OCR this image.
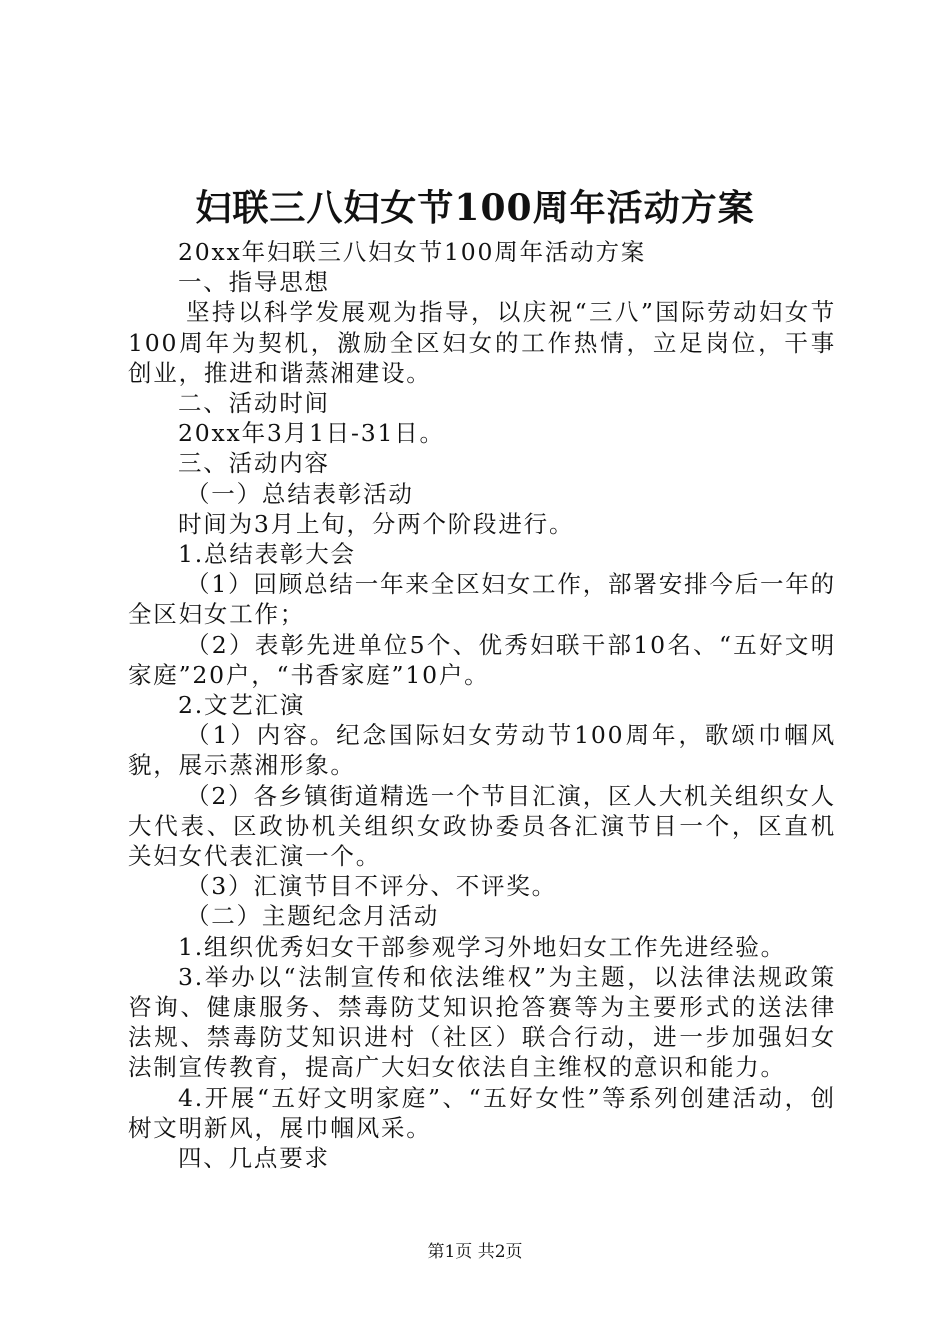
妇联三八妇女节100周年活动方案

20xx年妇联三八妇女节100周年活动方案

一、指导思想

坚持以科学发展观为指导，以庆祝“三八”国际劳动妇女节100周年为契机，激励全区妇女的工作热情，立足岗位，干事创业，推进和谐蒸湘建设。

二、活动时间

20xx年3月1日-31日。

三、活动内容

（一）总结表彰活动

时间为3月上旬，分两个阶段进行。

1.总结表彰大会

（1）回顾总结一年来全区妇女工作，部署安排今后一年的全区妇女工作；

（2）表彰先进单位5个、优秀妇联干部10名、“五好文明家庭”20户，“书香家庭”10户。

2.文艺汇演

（1）内容。纪念国际妇女劳动节100周年，歌颂巾帼风貌，展示蒸湘形象。

（2）各乡镇街道精选一个节目汇演，区人大机关组织女人大代表、区政协机关组织女政协委员各汇演节目一个，区直机关妇女代表汇演一个。

（3）汇演节目不评分、不评奖。

（二）主题纪念月活动

1.组织优秀妇女干部参观学习外地妇女工作先进经验。

3.举办以“法制宣传和依法维权”为主题，以法律法规政策咨询、健康服务、禁毒防艾知识抢答赛等为主要形式的送法律法规、禁毒防艾知识进村（社区）联合行动，进一步加强妇女法制宣传教育，提高广大妇女依法自主维权的意识和能力。

4.开展“五好文明家庭”、“五好女性”等系列创建活动，创树文明新风，展巾帼风采。

四、几点要求

第1页 共2页
